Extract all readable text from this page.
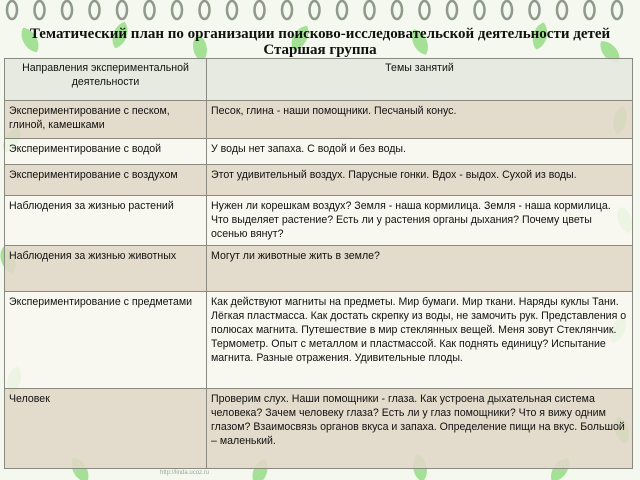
Тематический план по организации поисково-исследовательской деятельности детей
Старшая группа
Направления экспериментальной деятельности	Темы занятий
Экспериментирование с песком, глиной, камешками	Песок, глина - наши помощники. Песчаный конус.
Экспериментирование с водой	У воды нет запаха. С водой и без воды.
Экспериментирование с воздухом	Этот удивительный воздух. Парусные гонки. Вдох - выдох. Сухой из воды.
Наблюдения за жизнью растений	Нужен ли корешкам воздух? Земля - наша кормилица. Земля - наша кормилица. Что выделяет растение? Есть ли у растения органы дыхания? Почему цветы осенью вянут?
Наблюдения за жизнью животных	Могут ли животные жить в земле?
Экспериментирование с предметами	Как действуют магниты на предметы. Мир бумаги. Мир ткани. Наряды куклы Тани. Лёгкая пластмасса. Как достать скрепку из воды, не замочить рук. Представления о полюсах магнита. Путешествие в мир стеклянных вещей. Меня зовут Стеклянчик. Термометр. Опыт с металлом и пластмассой. Как поднять единицу? Испытание магнита. Разные отражения. Удивительные плоды.
Человек	Проверим слух. Наши помощники - глаза. Как устроена дыхательная система человека? Зачем человеку глаза? Есть ли у глаз помощники? Что я вижу одним глазом? Взаимосвязь органов вкуса и запаха. Определение пищи на вкус. Большой – маленький.
http://linda.ucoz.ru
